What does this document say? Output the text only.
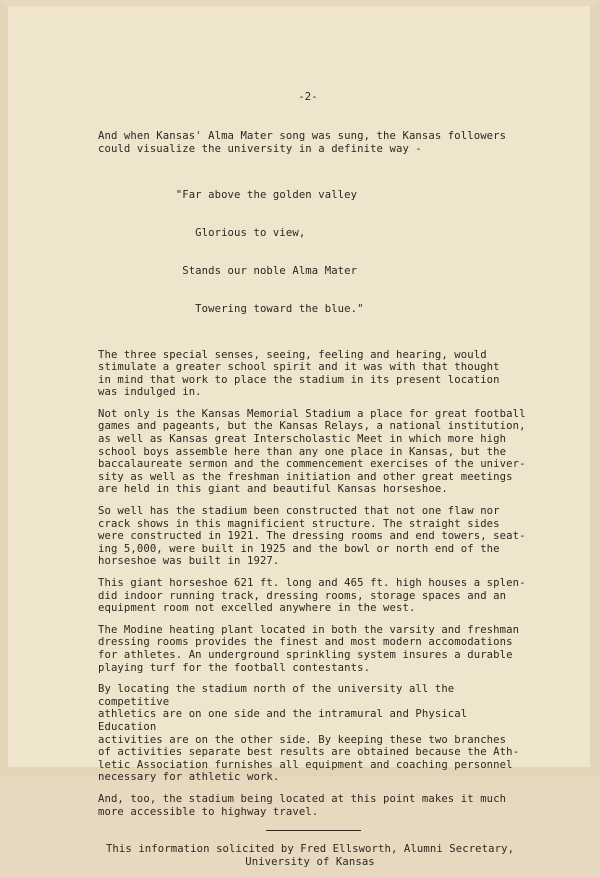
-2-

And when Kansas' Alma Mater song was sung, the Kansas followers
could visualize the university in a definite way -

"Far above the golden valley

Glorious to view,

Stands our noble Alma Mater

Towering toward the blue."

The three special senses, seeing, feeling and hearing, would
stimulate a greater school spirit and it was with that thought
in mind that work to place the stadium in its present location
was indulged in.

Not only is the Kansas Memorial Stadium a place for great football
games and pageants, but the Kansas Relays, a national institution,
as well as Kansas great Interscholastic Meet in which more high
school boys assemble here than any one place in Kansas, but the
baccalaureate sermon and the commencement exercises of the univer-
sity as well as the freshman initiation and other great meetings
are held in this giant and beautiful Kansas horseshoe.

So well has the stadium been constructed that not one flaw nor
crack shows in this magnificient structure. The straight sides
were constructed in 1921. The dressing rooms and end towers, seat-
ing 5,000, were built in 1925 and the bowl or north end of the
horseshoe was built in 1927.

This giant horseshoe 621 ft. long and 465 ft. high houses a splen-
did indoor running track, dressing rooms, storage spaces and an
equipment room not excelled anywhere in the west.

The Modine heating plant located in both the varsity and freshman
dressing rooms provides the finest and most modern accomodations
for athletes. An underground sprinkling system insures a durable
playing turf for the football contestants.

By locating the stadium north of the university all the competitive
athletics are on one side and the intramural and Physical Education
activities are on the other side. By keeping these two branches
of activities separate best results are obtained because the Ath-
letic Association furnishes all equipment and coaching personnel
necessary for athletic work.

And, too, the stadium being located at this point makes it much
more accessible to highway travel.

This information solicited by Fred Ellsworth, Alumni Secretary,
University of Kansas
